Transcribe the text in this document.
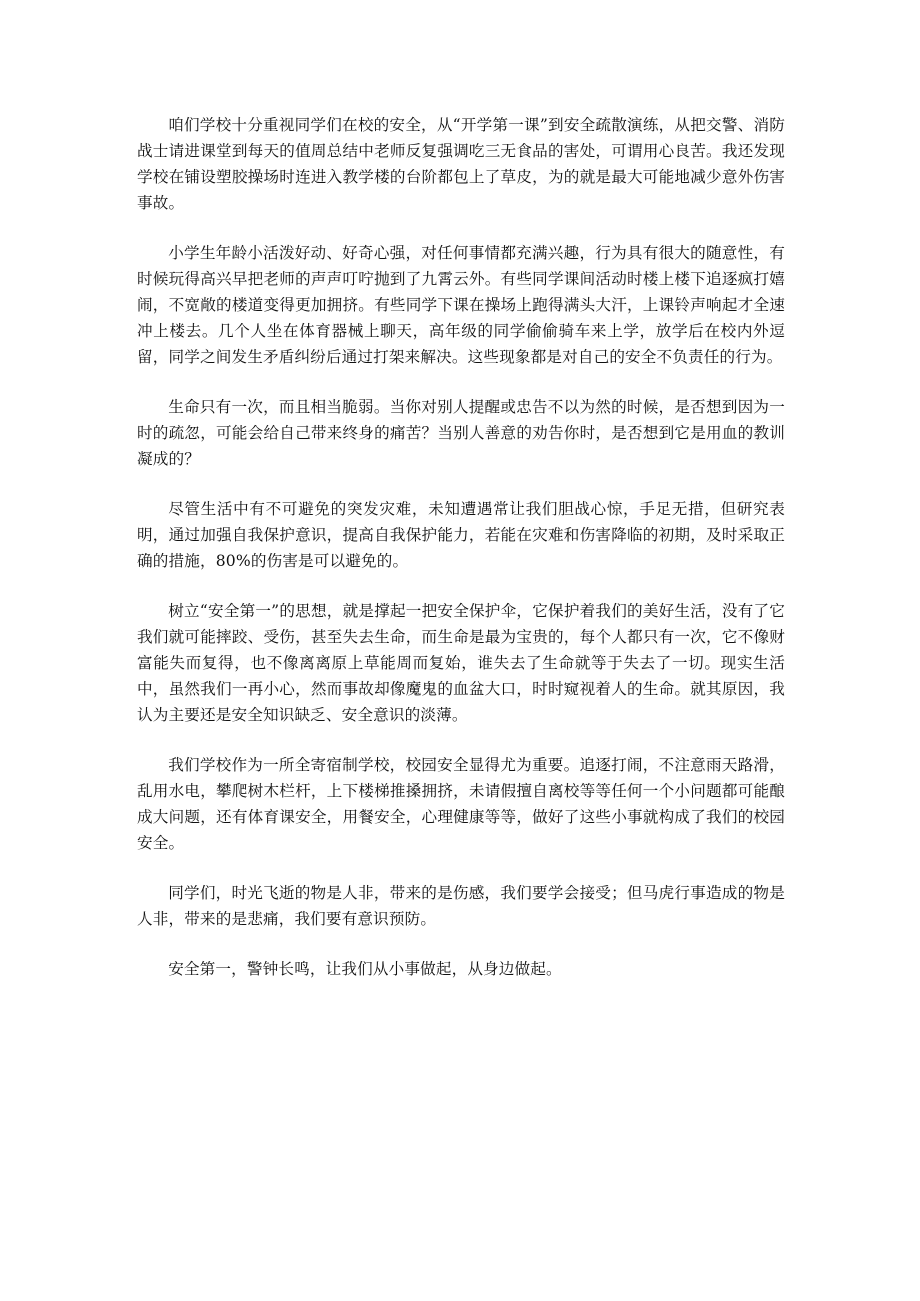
咱们学校十分重视同学们在校的安全，从“开学第一课”到安全疏散演练，从把交警、消防战士请进课堂到每天的值周总结中老师反复强调吃三无食品的害处，可谓用心良苦。我还发现学校在铺设塑胶操场时连进入教学楼的台阶都包上了草皮，为的就是最大可能地减少意外伤害事故。

小学生年龄小活泼好动、好奇心强，对任何事情都充满兴趣，行为具有很大的随意性，有时候玩得高兴早把老师的声声叮咛抛到了九霄云外。有些同学课间活动时楼上楼下追逐疯打嬉闹，不宽敞的楼道变得更加拥挤。有些同学下课在操场上跑得满头大汗，上课铃声响起才全速冲上楼去。几个人坐在体育器械上聊天，高年级的同学偷偷骑车来上学，放学后在校内外逗留，同学之间发生矛盾纠纷后通过打架来解决。这些现象都是对自己的安全不负责任的行为。

生命只有一次，而且相当脆弱。当你对别人提醒或忠告不以为然的时候，是否想到因为一时的疏忽，可能会给自己带来终身的痛苦？当别人善意的劝告你时，是否想到它是用血的教训凝成的？

尽管生活中有不可避免的突发灾难，未知遭遇常让我们胆战心惊，手足无措，但研究表明，通过加强自我保护意识，提高自我保护能力，若能在灾难和伤害降临的初期，及时采取正确的措施，80%的伤害是可以避免的。

树立“安全第一”的思想，就是撑起一把安全保护伞，它保护着我们的美好生活，没有了它我们就可能摔跤、受伤，甚至失去生命，而生命是最为宝贵的，每个人都只有一次，它不像财富能失而复得，也不像离离原上草能周而复始，谁失去了生命就等于失去了一切。现实生活中，虽然我们一再小心，然而事故却像魔鬼的血盆大口，时时窥视着人的生命。就其原因，我认为主要还是安全知识缺乏、安全意识的淡薄。

我们学校作为一所全寄宿制学校，校园安全显得尤为重要。追逐打闹，不注意雨天路滑，乱用水电，攀爬树木栏杆，上下楼梯推搡拥挤，未请假擅自离校等等任何一个小问题都可能酿成大问题，还有体育课安全，用餐安全，心理健康等等，做好了这些小事就构成了我们的校园安全。

同学们，时光飞逝的物是人非，带来的是伤感，我们要学会接受；但马虎行事造成的物是人非，带来的是悲痛，我们要有意识预防。

安全第一，警钟长鸣，让我们从小事做起，从身边做起。
